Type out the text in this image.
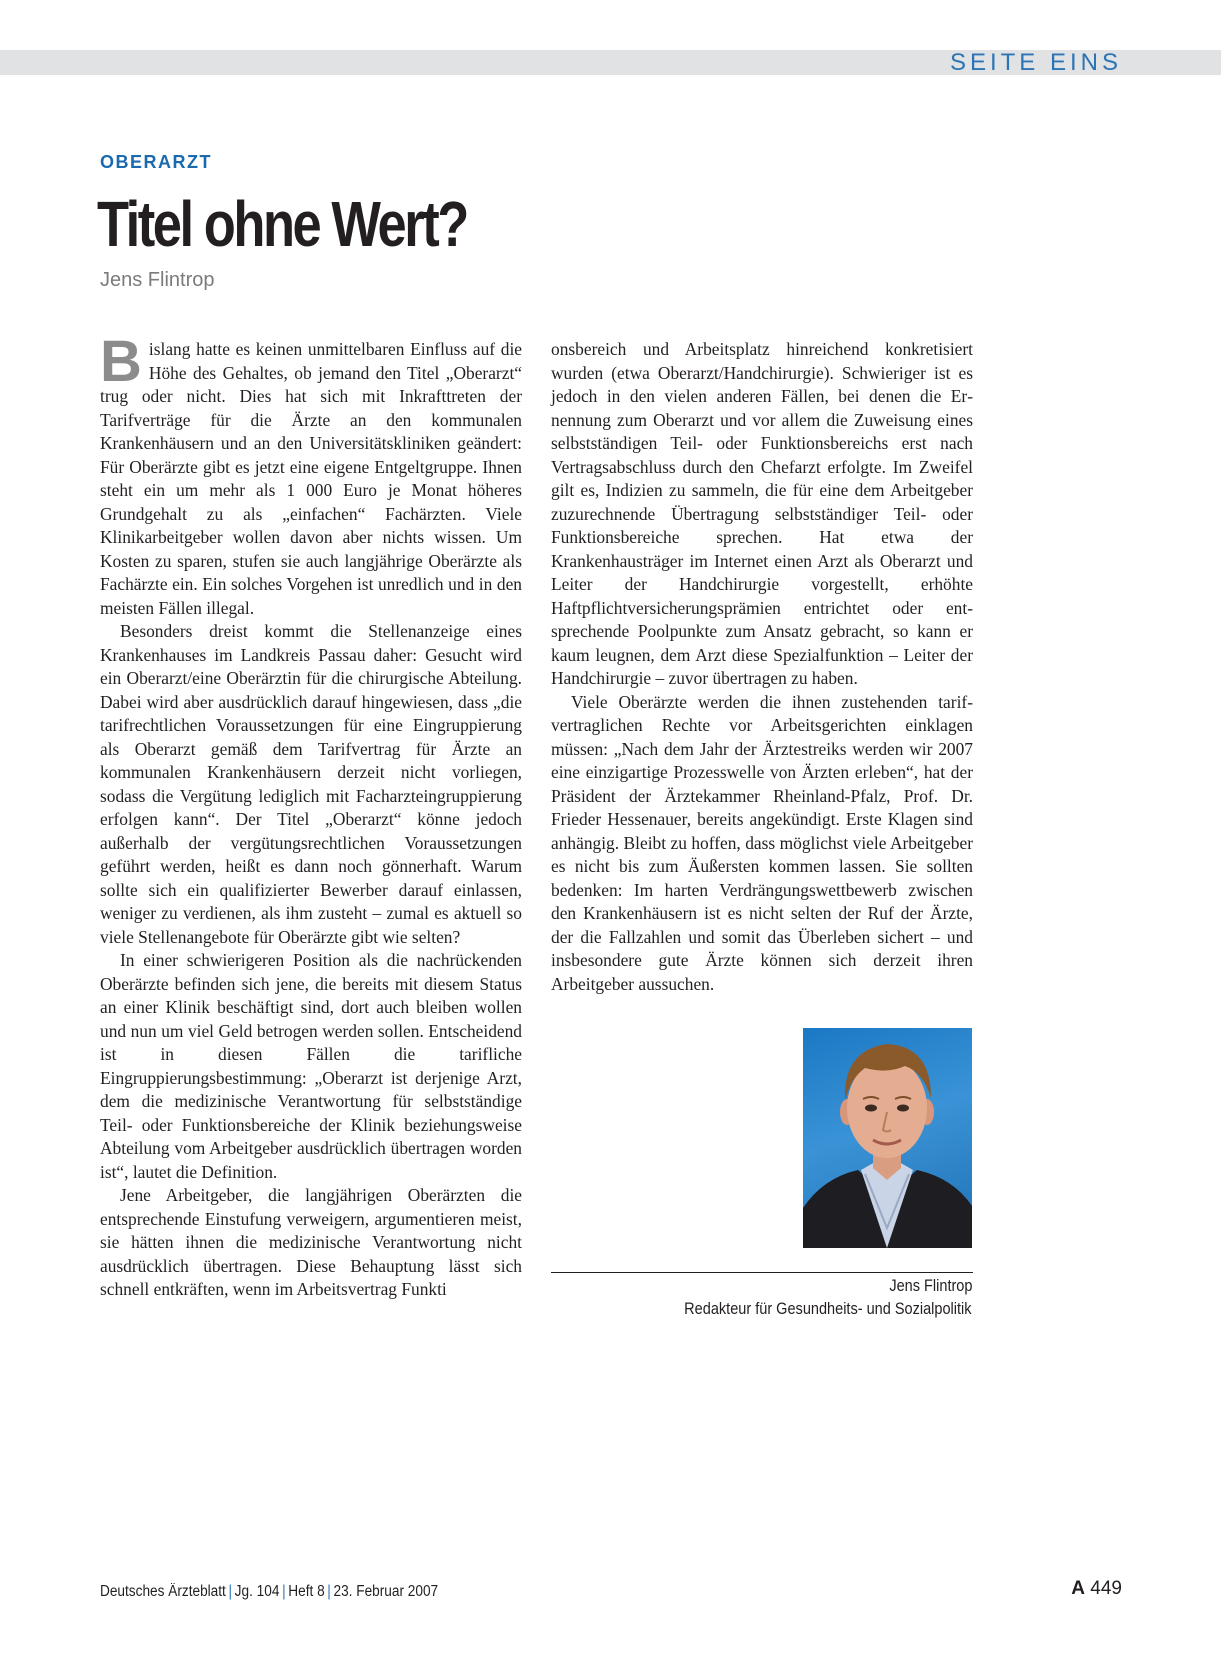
SEITE EINS
OBERARZT
Titel ohne Wert?
Jens Flintrop

Bislang hatte es keinen unmittelbaren Einfluss auf die Höhe des Gehaltes, ob jemand den Titel „Oberarzt“ trug oder nicht. Dies hat sich mit Inkrafttreten der Tarifverträge für die Ärzte an den kommunalen Krankenhäusern und an den Universitätskliniken geändert: Für Oberärzte gibt es jetzt eine eigene Entgeltgruppe. Ihnen steht ein um mehr als 1 000 Euro je Monat höheres Grundgehalt zu als „einfachen“ Fachärzten. Viele Klinikarbeitgeber wollen davon aber nichts wissen. Um Kosten zu sparen, stufen sie auch langjährige Oberärzte als Fachärzte ein. Ein solches Vorgehen ist unredlich und in den meisten Fällen illegal.

Besonders dreist kommt die Stellenanzeige eines Krankenhauses im Landkreis Passau daher: Gesucht wird ein Oberarzt/eine Oberärztin für die chirurgische Abteilung. Dabei wird aber ausdrücklich darauf hingewiesen, dass „die tarifrechtlichen Voraussetzungen für eine Eingruppierung als Oberarzt gemäß dem Tarifvertrag für Ärzte an kommunalen Krankenhäusern derzeit nicht vorliegen, sodass die Vergütung lediglich mit Facharzteingruppierung erfolgen kann“. Der Titel „Oberarzt“ könne jedoch außerhalb der vergütungsrechtlichen Voraussetzungen geführt werden, heißt es dann noch gönnerhaft. Warum sollte sich ein qualifizierter Bewerber darauf einlassen, weniger zu verdienen, als ihm zusteht – zumal es aktuell so viele Stellenangebote für Oberärzte gibt wie selten?

In einer schwierigeren Position als die nachrückenden Oberärzte befinden sich jene, die bereits mit diesem Status an einer Klinik beschäftigt sind, dort auch bleiben wollen und nun um viel Geld betrogen werden sollen. Entscheidend ist in diesen Fällen die tarifliche Eingruppierungsbestimmung: „Oberarzt ist derjenige Arzt, dem die medizinische Verantwortung für selbstständige Teil- oder Funktionsbereiche der Klinik beziehungsweise Abteilung vom Arbeitgeber ausdrücklich übertragen worden ist“, lautet die Definition.

Jene Arbeitgeber, die langjährigen Oberärzten die entsprechende Einstufung verweigern, argumentieren meist, sie hätten ihnen die medizinische Verantwortung nicht ausdrücklich übertragen. Diese Behauptung lässt sich schnell entkräften, wenn im Arbeitsvertrag Funkti

onsbereich und Arbeitsplatz hinreichend konkretisiert wurden (etwa Oberarzt/Handchirurgie). Schwieriger ist es jedoch in den vielen anderen Fällen, bei denen die Ernennung zum Oberarzt und vor allem die Zuweisung eines selbstständigen Teil- oder Funktionsbereichs erst nach Vertragsabschluss durch den Chefarzt erfolgte. Im Zweifel gilt es, Indizien zu sammeln, die für eine dem Arbeitgeber zuzurechnende Übertragung selbstständiger Teil- oder Funktionsbereiche sprechen. Hat etwa der Krankenhausträger im Internet einen Arzt als Oberarzt und Leiter der Handchirurgie vorgestellt, erhöhte Haftpflichtversicherungsprämien entrichtet oder entsprechende Poolpunkte zum Ansatz gebracht, so kann er kaum leugnen, dem Arzt diese Spezialfunktion – Leiter der Handchirurgie – zuvor übertragen zu haben.

Viele Oberärzte werden die ihnen zustehenden tarifvertraglichen Rechte vor Arbeitsgerichten einklagen müssen: „Nach dem Jahr der Ärztestreiks werden wir 2007 eine einzigartige Prozesswelle von Ärzten erleben“, hat der Präsident der Ärztekammer Rheinland-Pfalz, Prof. Dr. Frieder Hessenauer, bereits angekündigt. Erste Klagen sind anhängig. Bleibt zu hoffen, dass möglichst viele Arbeitgeber es nicht bis zum Äußersten kommen lassen. Sie sollten bedenken: Im harten Verdrängungswettbewerb zwischen den Krankenhäusern ist es nicht selten der Ruf der Ärzte, der die Fallzahlen und somit das Überleben sichert – und insbesondere gute Ärzte können sich derzeit ihren Arbeitgeber aussuchen.

Jens Flintrop
Redakteur für Gesundheits- und Sozialpolitik
Deutsches Ärzteblatt | Jg. 104 | Heft 8 | 23. Februar 2007	A 449
